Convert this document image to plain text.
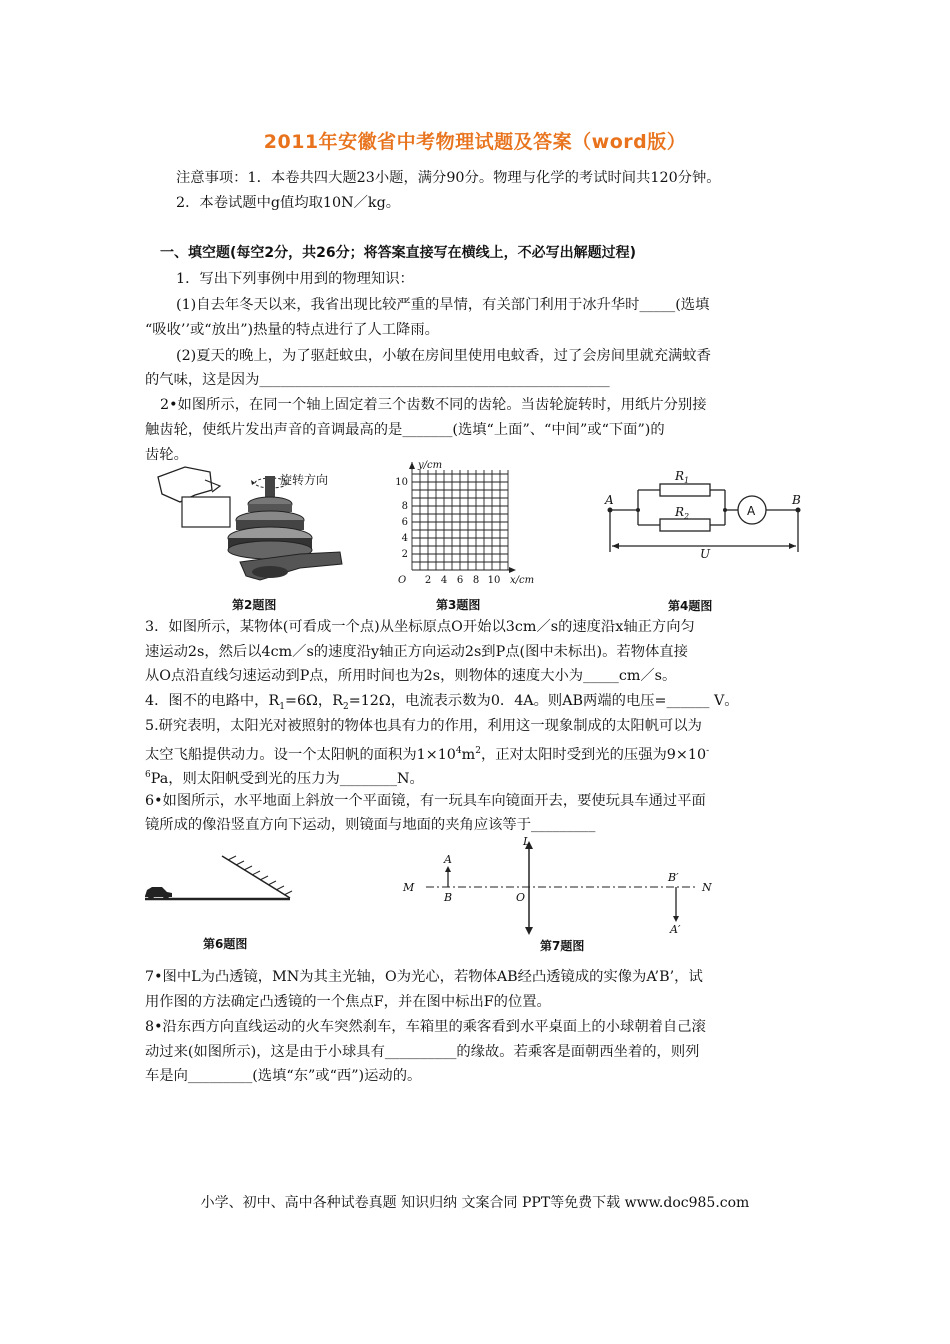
2011年安徽省中考物理试题及答案（word版）
注意事项：1．本卷共四大题23小题，满分90分。物理与化学的考试时间共120分钟。
2．本卷试题中g值均取10N／kg。
一、填空题(每空2分，共26分；将答案直接写在横线上，不必写出解题过程)
1．写出下列事例中用到的物理知识：
(1)自去年冬天以来，我省出现比较严重的旱情，有关部门利用于冰升华时_____(选填
“吸收’’或“放出”)热量的特点进行了人工降雨。
(2)夏天的晚上，为了驱赶蚊虫，小敏在房间里使用电蚊香，过了会房间里就充满蚊香
的气味，这是因为_________________________________________________
2•如图所示，在同一个轴上固定着三个齿数不同的齿轮。当齿轮旋转时，用纸片分别接
触齿轮，使纸片发出声音的音调最高的是_______(选填“上面”、“中间”或“下面”)的
齿轮。
旋转方向
第2题图
y/cm
x/cm
O
2
4
6
8
10
2 4 6 8 10
第3题图
A	B
$R_1$
$R_2$
U
A
第4题图
3．如图所示，某物体(可看成一个点)从坐标原点O开始以3cm／s的速度沿x轴正方向匀
速运动2s，然后以4cm／s的速度沿y轴正方向运动2s到P点(图中未标出)。若物体直接
从O点沿直线匀速运动到P点，所用时间也为2s，则物体的速度大小为_____cm／s。
4．图不的电路中，$R_1=6\Omega$，$R_2=12\Omega$，电流表示数为0．4A。则AB两端的电压=______ V。
5.研究表明，太阳光对被照射的物体也具有力的作用，利用这一现象制成的太阳帆可以为
太空飞船提供动力。设一个太阳帆的面积为$1\times 10^4m^2$，正对太阳时受到光的压强为9×10-
$^6$Pa，则太阳帆受到光的压力为________N。
6•如图所示，水平地面上斜放一个平面镜，有一玩具车向镜面开去，要使玩具车通过平面
镜所成的像沿竖直方向下运动，则镜面与地面的夹角应该等于_________
第6题图
L
M	N
A
B	O
B′
A′
第7题图
7•图中L为凸透镜，MN为其主光轴，O为光心，若物体AB经凸透镜成的实像为A’B’，试
用作图的方法确定凸透镜的一个焦点F，并在图中标出F的位置。
8•沿东西方向直线运动的火车突然刹车，车箱里的乘客看到水平桌面上的小球朝着自己滚
动过来(如图所示)，这是由于小球具有__________的缘故。若乘客是面朝西坐着的，则列
车是向_________(选填“东”或“西”)运动的。
小学、初中、高中各种试卷真题 知识归纳 文案合同 PPT等免费下载 www.doc985.com
